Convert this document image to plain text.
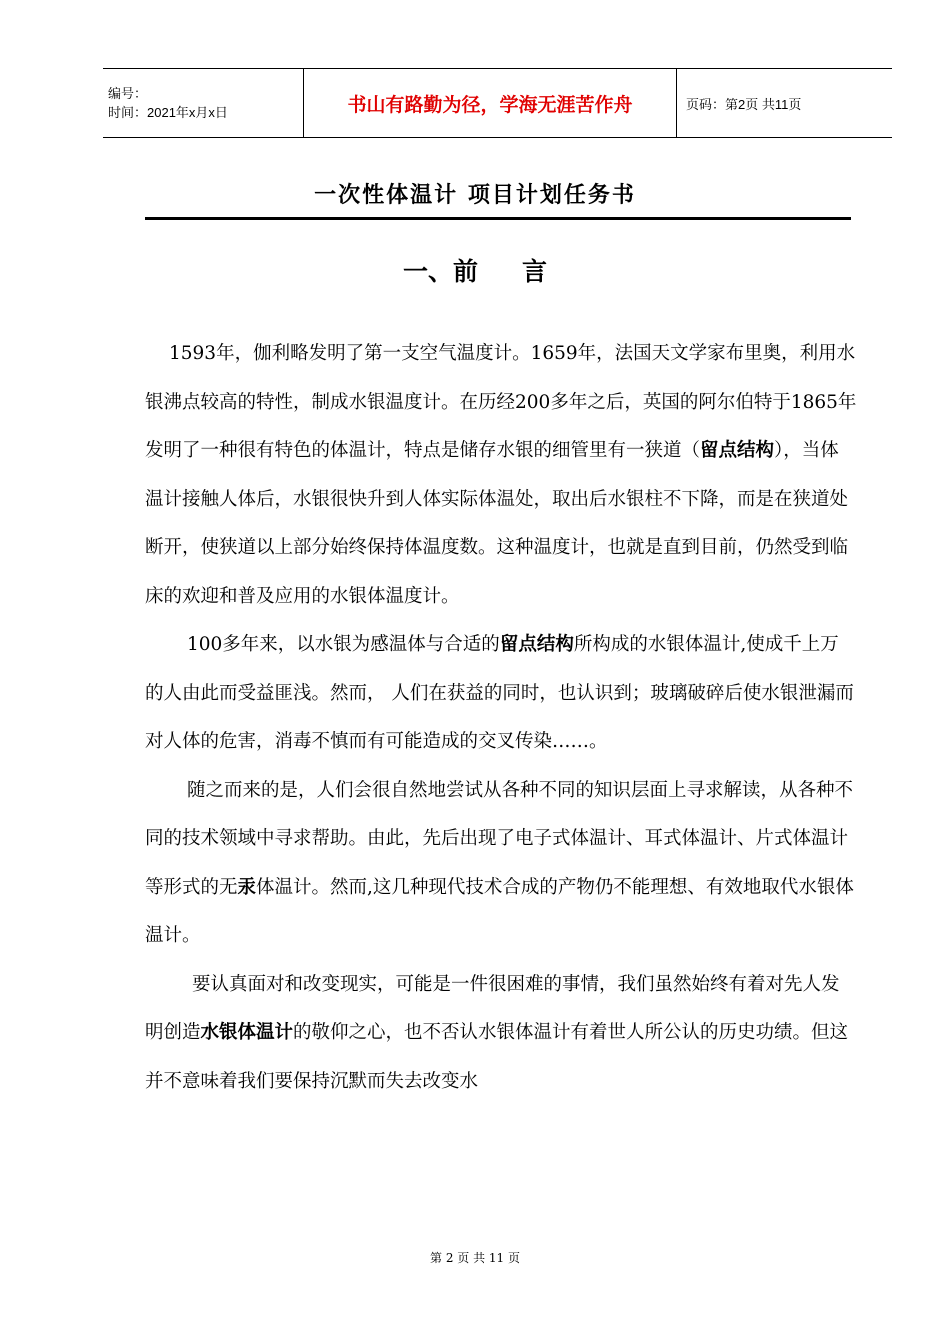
编号：
时间：2021年x月x日	书山有路勤为径，学海无涯苦作舟	页码：第2页 共11页
一次性体温计 项目计划任务书
一、前 言

1593年，伽利略发明了第一支空气温度计。1659年，法国天文学家布里奥，利用水银沸点较高的特性，制成水银温度计。在历经200多年之后，英国的阿尔伯特于1865年发明了一种很有特色的体温计，特点是储存水银的细管里有一狭道（留点结构），当体温计接触人体后，水银很快升到人体实际体温处，取出后水银柱不下降，而是在狭道处断开，使狭道以上部分始终保持体温度数。这种温度计，也就是直到目前，仍然受到临床的欢迎和普及应用的水银体温度计。

100多年来，以水银为感温体与合适的留点结构所构成的水银体温计,使成千上万的人由此而受益匪浅。然而， 人们在获益的同时，也认识到；玻璃破碎后使水银泄漏而对人体的危害，消毒不慎而有可能造成的交叉传染……。

随之而来的是，人们会很自然地尝试从各种不同的知识层面上寻求解读，从各种不同的技术领域中寻求帮助。由此，先后出现了电子式体温计、耳式体温计、片式体温计等形式的无汞体温计。然而,这几种现代技术合成的产物仍不能理想、有效地取代水银体温计。

要认真面对和改变现实，可能是一件很困难的事情，我们虽然始终有着对先人发明创造水银体温计的敬仰之心，也不否认水银体温计有着世人所公认的历史功绩。但这并不意味着我们要保持沉默而失去改变水

第 2 页 共 11 页
